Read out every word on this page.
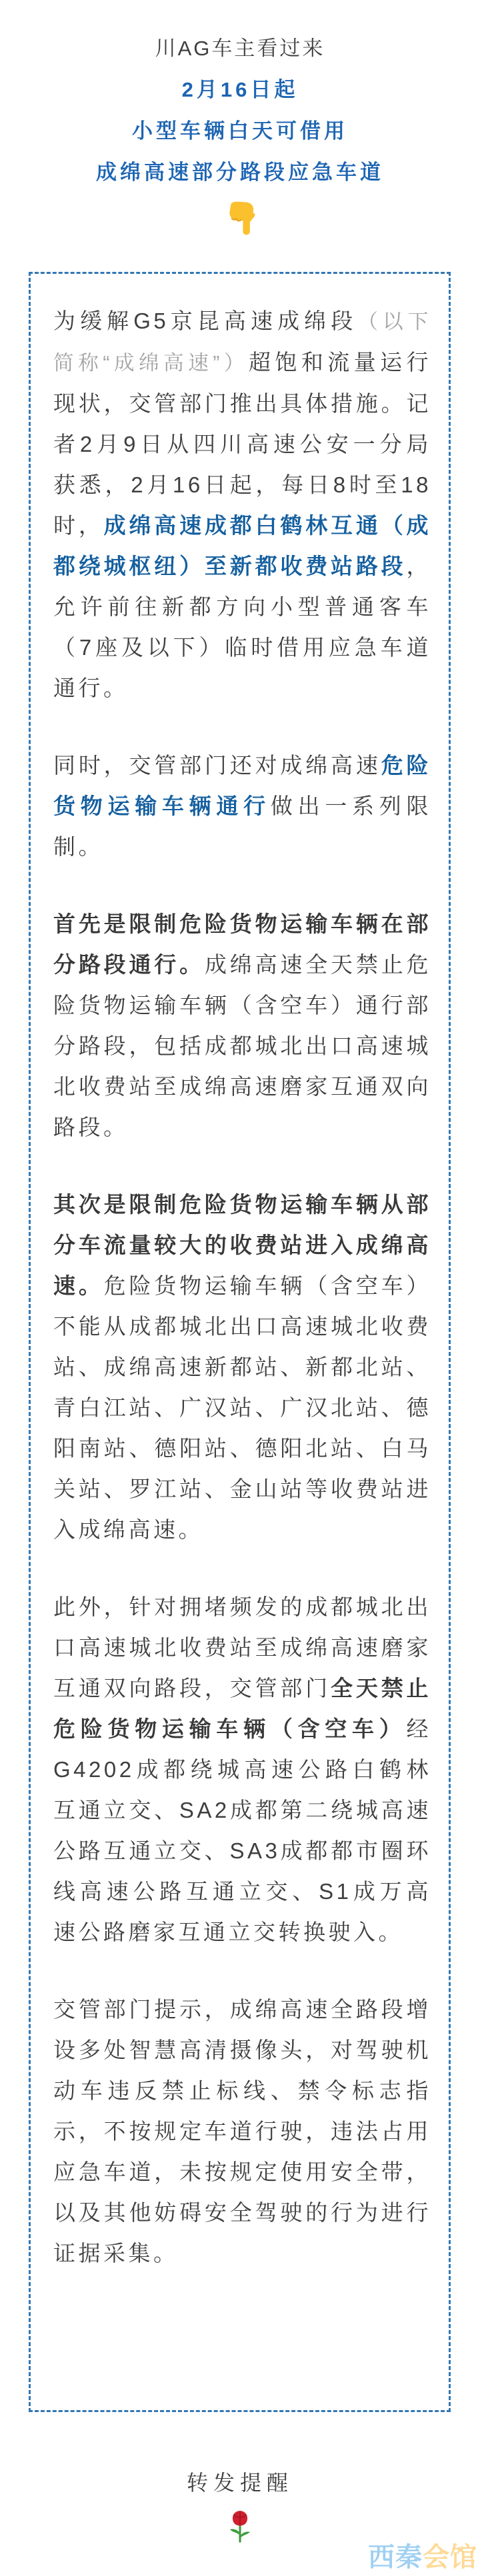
川AG车主看过来
2月16日起
小型车辆白天可借用
成绵高速部分路段应急车道

为缓解G5京昆高速成绵段（以下简称“成绵高速”）超饱和流量运行现状，交管部门推出具体措施。记者2月9日从四川高速公安一分局获悉，2月16日起，每日8时至18时，成绵高速成都白鹤林互通（成都绕城枢纽）至新都收费站路段，允许前往新都方向小型普通客车（7座及以下）临时借用应急车道通行。

同时，交管部门还对成绵高速危险货物运输车辆通行做出一系列限制。

首先是限制危险货物运输车辆在部分路段通行。成绵高速全天禁止危险货物运输车辆（含空车）通行部分路段，包括成都城北出口高速城北收费站至成绵高速磨家互通双向路段。

其次是限制危险货物运输车辆从部分车流量较大的收费站进入成绵高速。危险货物运输车辆（含空车）不能从成都城北出口高速城北收费站、成绵高速新都站、新都北站、青白江站、广汉站、广汉北站、德阳南站、德阳站、德阳北站、白马关站、罗江站、金山站等收费站进入成绵高速。

此外，针对拥堵频发的成都城北出口高速城北收费站至成绵高速磨家互通双向路段，交管部门全天禁止危险货物运输车辆（含空车）经G4202成都绕城高速公路白鹤林互通立交、SA2成都第二绕城高速公路互通立交、SA3成都都市圈环线高速公路互通立交、S1成万高速公路磨家互通立交转换驶入。

交管部门提示，成绵高速全路段增设多处智慧高清摄像头，对驾驶机动车违反禁止标线、禁令标志指示，不按规定车道行驶，违法占用应急车道，未按规定使用安全带，以及其他妨碍安全驾驶的行为进行证据采集。

转发提醒
西秦会馆
